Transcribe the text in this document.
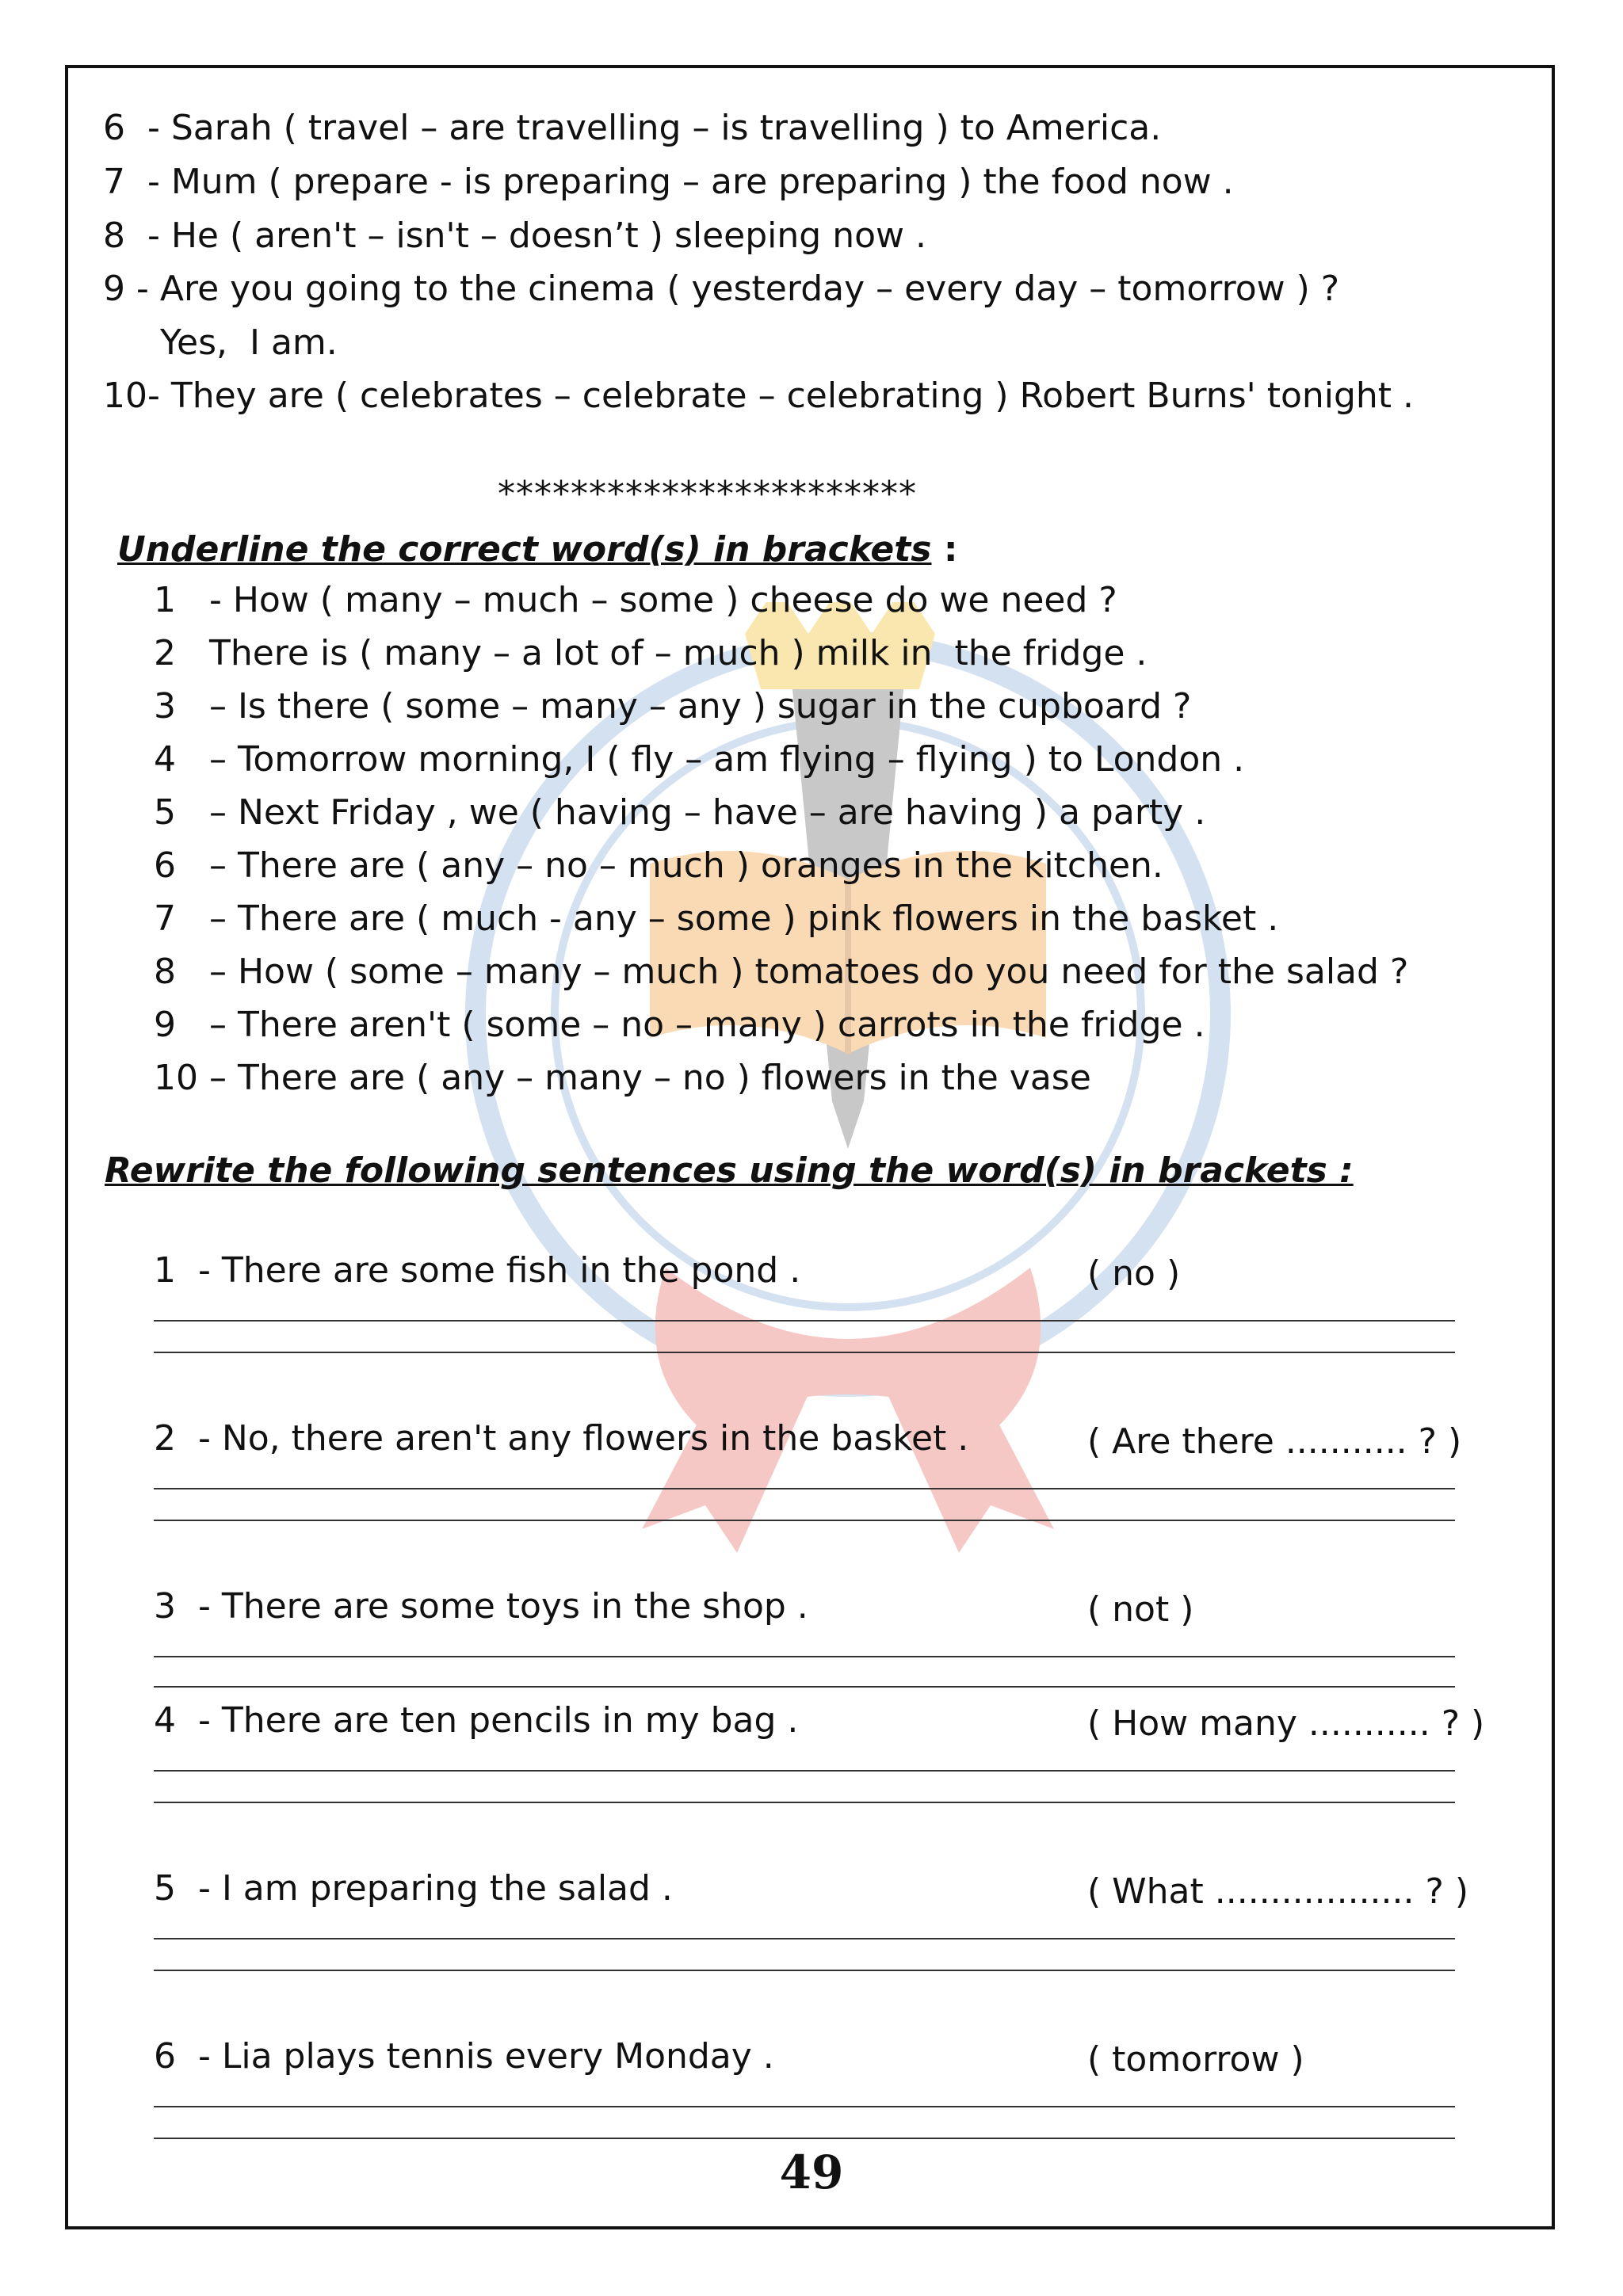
6  - Sarah ( travel – are travelling – is travelling ) to America.
7  - Mum ( prepare - is preparing – are preparing ) the food now .
8  - He ( aren't – isn't – doesn’t ) sleeping now .
9 - Are you going to the cinema ( yesterday – every day – tomorrow ) ?
Yes,  I am.
10- They are ( celebrates – celebrate – celebrating ) Robert Burns' tonight .
***********************
Underline the correct word(s) in brackets :
1   - How ( many – much – some ) cheese do we need ?
2   There is ( many – a lot of – much ) milk in  the fridge .
3   – Is there ( some – many – any ) sugar in the cupboard ?
4   – Tomorrow morning, I ( fly – am flying – flying ) to London .
5   – Next Friday , we ( having – have – are having ) a party .
6   – There are ( any – no – much ) oranges in the kitchen.
7   – There are ( much - any – some ) pink flowers in the basket .
8   – How ( some – many – much ) tomatoes do you need for the salad ?
9   – There aren't ( some – no – many ) carrots in the fridge .
10 – There are ( any – many – no ) flowers in the vase
Rewrite the following sentences using the word(s) in brackets :
1  - There are some fish in the pond .	( no )
2  - No, there aren't any flowers in the basket .	( Are there ........... ? )
3  - There are some toys in the shop .	( not )
4  - There are ten pencils in my bag .	( How many ........... ? )
5  - I am preparing the salad .	( What .................. ? )
6  - Lia plays tennis every Monday .	( tomorrow )
49
